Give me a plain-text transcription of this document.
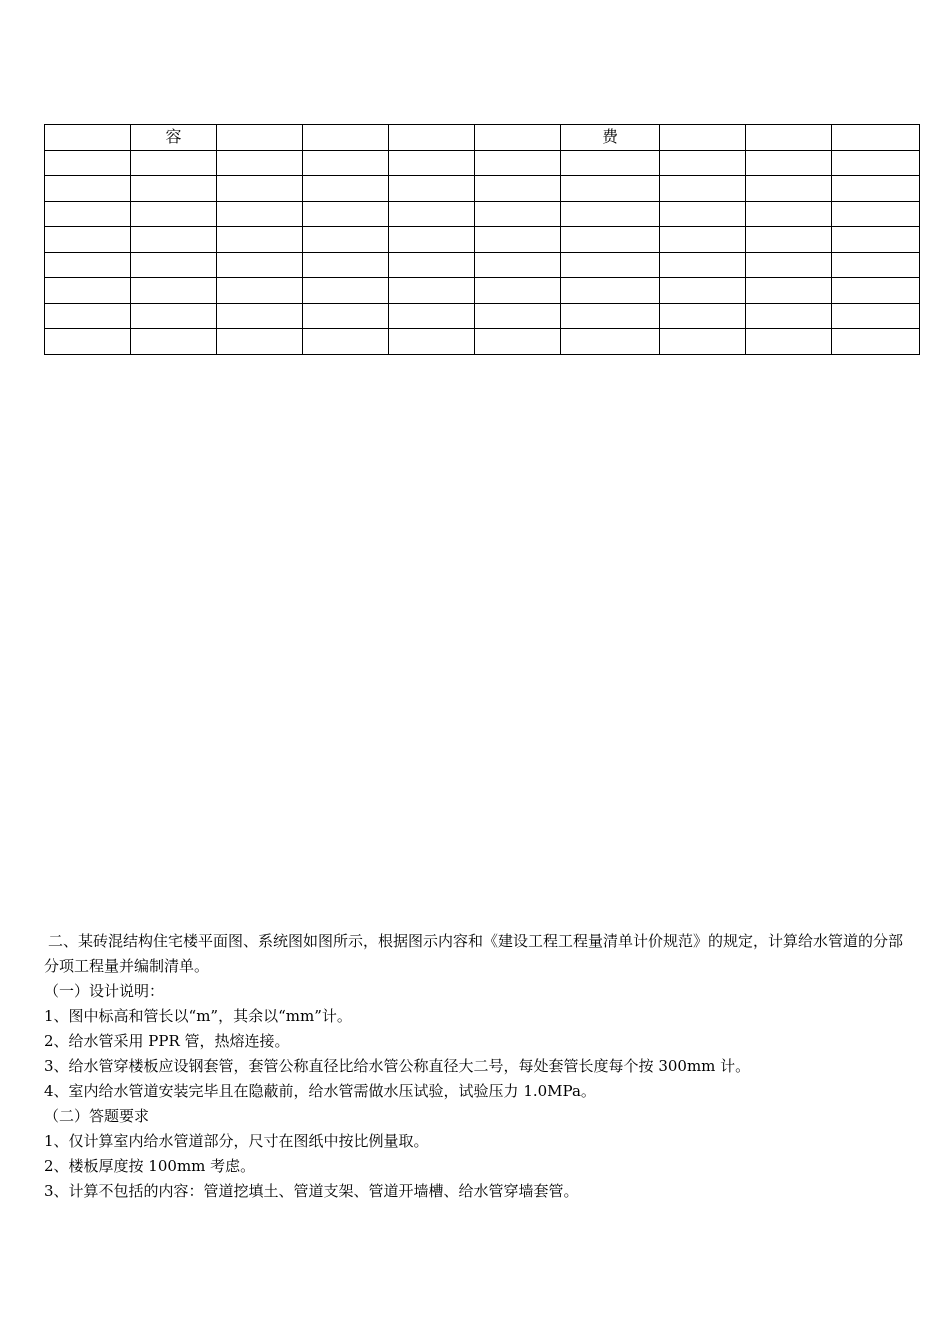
	容					费			

二、某砖混结构住宅楼平面图、系统图如图所示，根据图示内容和《建设工程工程量清单计价规范》的规定，计算给水管道的分部分项工程量并编制清单。

（一）设计说明：

1、图中标高和管长以“m”，其余以“mm”计。

2、给水管采用 PPR 管，热熔连接。

3、给水管穿楼板应设钢套管，套管公称直径比给水管公称直径大二号，每处套管长度每个按 300mm 计。

4、室内给水管道安装完毕且在隐蔽前，给水管需做水压试验，试验压力 1.0MPa。

（二）答题要求

1、仅计算室内给水管道部分，尺寸在图纸中按比例量取。

2、楼板厚度按 100mm 考虑。

3、计算不包括的内容：管道挖填土、管道支架、管道开墙槽、给水管穿墙套管。
